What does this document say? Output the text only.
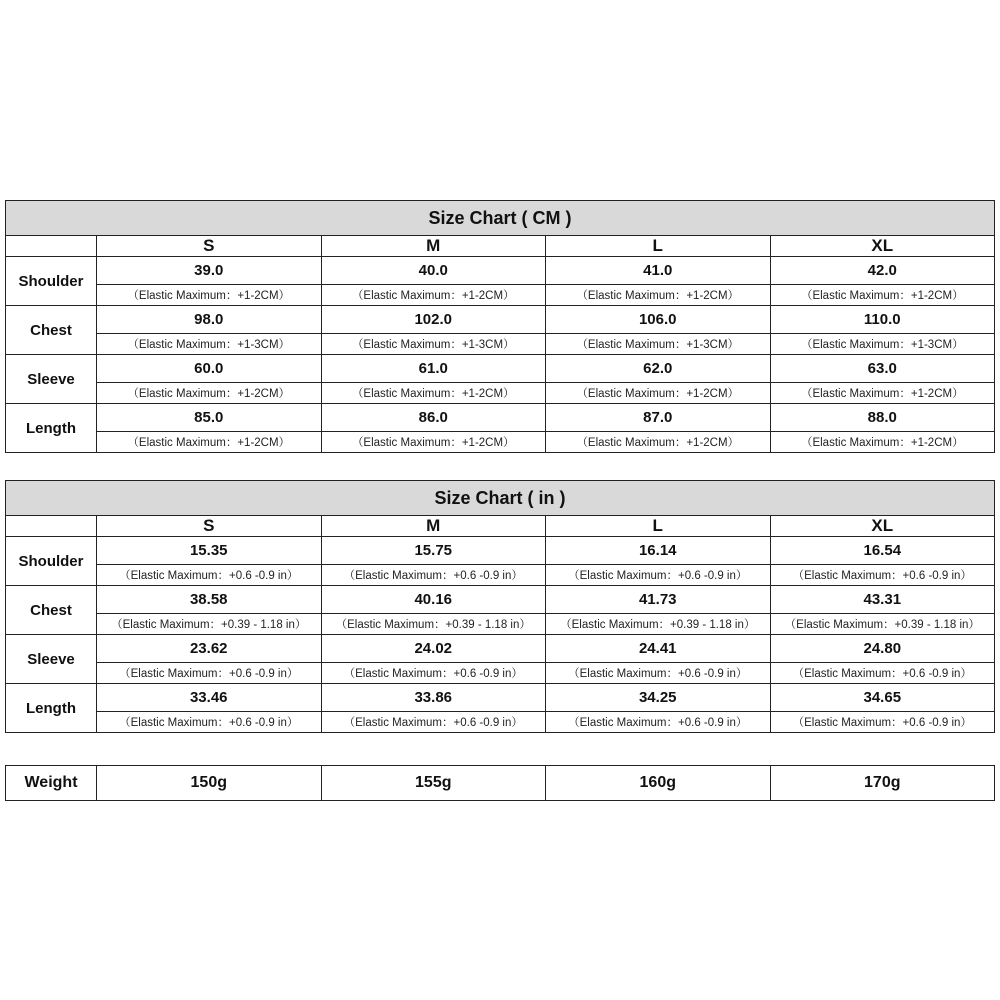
Size Chart ( CM )				
	S	M	L	XL
Shoulder	39.0	40.0	41.0	42.0
	（Elastic Maximum：+1-2CM）	（Elastic Maximum：+1-2CM）	（Elastic Maximum：+1-2CM）	（Elastic Maximum：+1-2CM）
Chest	98.0	102.0	106.0	110.0
	（Elastic Maximum：+1-3CM）	（Elastic Maximum：+1-3CM）	（Elastic Maximum：+1-3CM）	（Elastic Maximum：+1-3CM）
Sleeve	60.0	61.0	62.0	63.0
	（Elastic Maximum：+1-2CM）	（Elastic Maximum：+1-2CM）	（Elastic Maximum：+1-2CM）	（Elastic Maximum：+1-2CM）
Length	85.0	86.0	87.0	88.0
	（Elastic Maximum：+1-2CM）	（Elastic Maximum：+1-2CM）	（Elastic Maximum：+1-2CM）	（Elastic Maximum：+1-2CM）
Size Chart ( in )				
	S	M	L	XL
Shoulder	15.35	15.75	16.14	16.54
	（Elastic Maximum：+0.6 -0.9 in）	（Elastic Maximum：+0.6 -0.9 in）	（Elastic Maximum：+0.6 -0.9 in）	（Elastic Maximum：+0.6 -0.9 in）
Chest	38.58	40.16	41.73	43.31
	（Elastic Maximum：+0.39 - 1.18 in）	（Elastic Maximum：+0.39 - 1.18 in）	（Elastic Maximum：+0.39 - 1.18 in）	（Elastic Maximum：+0.39 - 1.18 in）
Sleeve	23.62	24.02	24.41	24.80
	（Elastic Maximum：+0.6 -0.9 in）	（Elastic Maximum：+0.6 -0.9 in）	（Elastic Maximum：+0.6 -0.9 in）	（Elastic Maximum：+0.6 -0.9 in）
Length	33.46	33.86	34.25	34.65
	（Elastic Maximum：+0.6 -0.9 in）	（Elastic Maximum：+0.6 -0.9 in）	（Elastic Maximum：+0.6 -0.9 in）	（Elastic Maximum：+0.6 -0.9 in）
Weight	150g	155g	160g	170g
